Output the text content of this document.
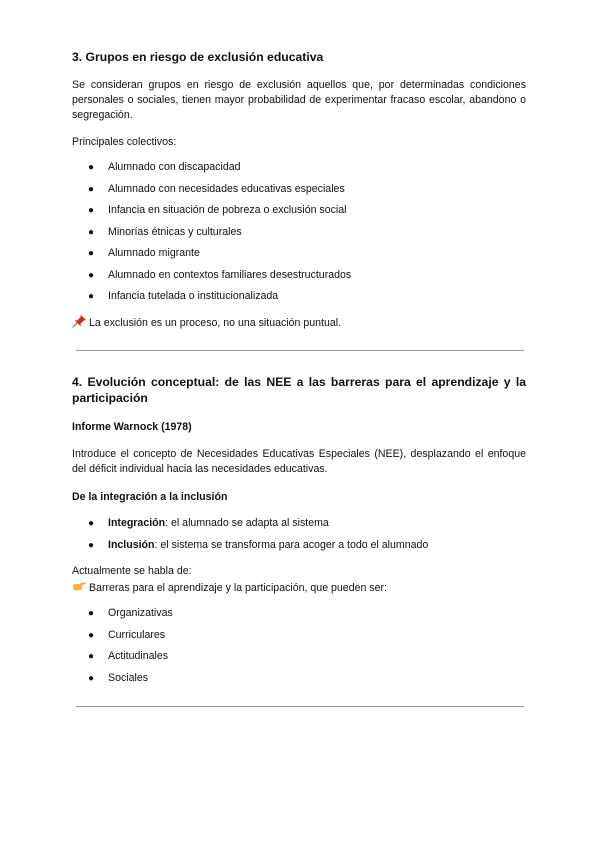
3. Grupos en riesgo de exclusión educativa

Se consideran grupos en riesgo de exclusión aquellos que, por determinadas condiciones personales o sociales, tienen mayor probabilidad de experimentar fracaso escolar, abandono o segregación.

Principales colectivos:

● Alumnado con discapacidad
● Alumnado con necesidades educativas especiales
● Infancia en situación de pobreza o exclusión social
● Minorías étnicas y culturales
● Alumnado migrante
● Alumnado en contextos familiares desestructurados
● Infancia tutelada o institucionalizada

La exclusión es un proceso, no una situación puntual.

4. Evolución conceptual: de las NEE a las barreras para el aprendizaje y la participación

Informe Warnock (1978)

Introduce el concepto de Necesidades Educativas Especiales (NEE), desplazando el enfoque del déficit individual hacia las necesidades educativas.

De la integración a la inclusión

● Integración: el alumnado se adapta al sistema
● Inclusión: el sistema se transforma para acoger a todo el alumnado

Actualmente se habla de:

Barreras para el aprendizaje y la participación, que pueden ser:

● Organizativas
● Curriculares
● Actitudinales
● Sociales
